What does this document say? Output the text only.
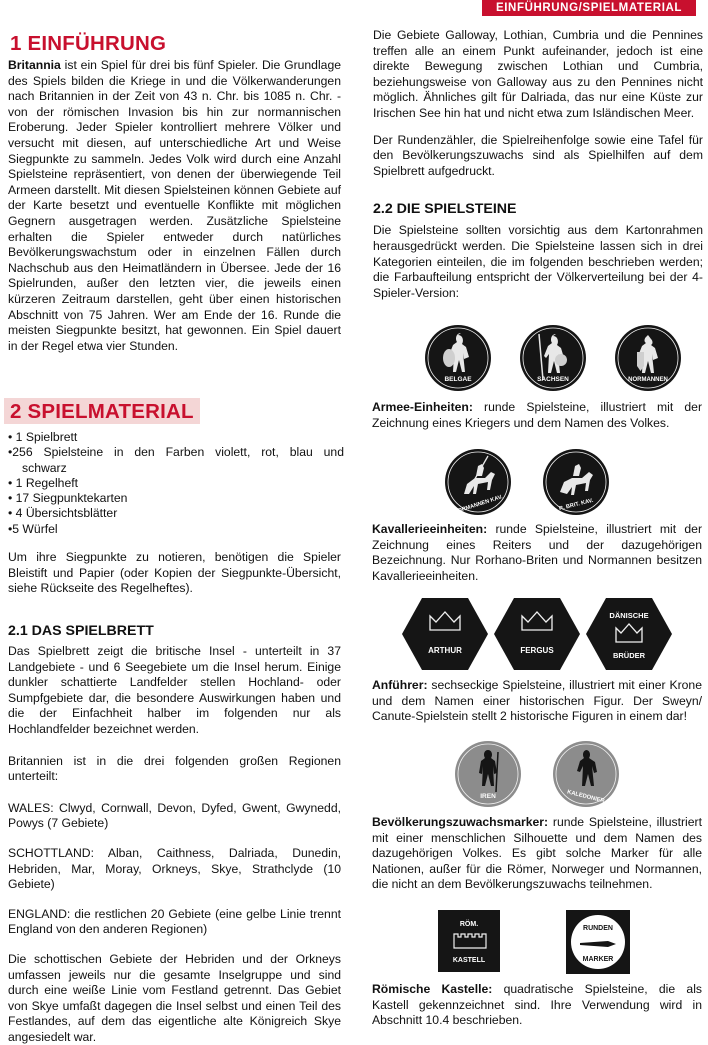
EINFÜHRUNG/SPIELMATERIAL
1 EINFÜHRUNG

Britannia ist ein Spiel für drei bis fünf Spieler. Die Grundlage des Spiels bilden die Kriege in und die Völkerwanderungen nach Britannien in der Zeit von 43 n. Chr. bis 1085 n. Chr. - von der römischen Invasion bis hin zur normannischen Eroberung. Jeder Spieler kontrolliert mehrere Völker und versucht mit diesen, auf unterschiedliche Art und Weise Siegpunkte zu sammeln. Jedes Volk wird durch eine Anzahl Spielsteine repräsentiert, von denen der überwiegende Teil Armeen darstellt. Mit diesen Spielsteinen können Gebiete auf der Karte besetzt und eventuelle Konflikte mit möglichen Gegnern ausgetragen werden. Zusätzliche Spielsteine erhalten die Spieler entweder durch natürliches Bevölkerungswachstum oder in einzelnen Fällen durch Nachschub aus den Heimatländern in Übersee. Jede der 16 Spielrunden, außer den letzten vier, die jeweils einen kürzeren Zeitraum darstellen, geht über einen historischen Abschnitt von 75 Jahren. Wer am Ende der 16. Runde die meisten Siegpunkte besitzt, hat gewonnen. Ein Spiel dauert in der Regel etwa vier Stunden.

Die Gebiete Galloway, Lothian, Cumbria und die Pennines treffen alle an einem Punkt aufeinander, jedoch ist eine direkte Bewegung zwischen Lothian und Cumbria, beziehungsweise von Galloway aus zu den Pennines nicht möglich. Ähnliches gilt für Dalriada, das nur eine Küste zur Irischen See hin hat und nicht etwa zum Isländischen Meer.

Der Rundenzähler, die Spielreihenfolge sowie eine Tafel für den Bevölkerungszuwachs sind als Spielhilfen auf dem Spielbrett aufgedruckt.

2.2 DIE SPIELSTEINE

Die Spielsteine sollten vorsichtig aus dem Kartonrahmen herausgedrückt werden. Die Spielsteine lassen sich in drei Kategorien einteilen, die im folgenden beschrieben werden; die Farbaufteilung entspricht der Völkerverteilung bei der 4-Spieler-Version:

BELGAE	SACHSEN	NORMANNEN

Armee-Einheiten: runde Spielsteine, illustriert mit der Zeichnung eines Kriegers und dem Namen des Volkes.

NORMANNEN KAV.	R. BRIT. KAV.

Kavallerieeinheiten: runde Spielsteine, illustriert mit der Zeichnung eines Reiters und der dazugehörigen Bezeichnung. Nur Rorhano-Briten und Normannen besitzen Kavallerieeinheiten.

ARTHUR	FERGUS
DÄNISCHE
BRÜDER

Anführer: sechseckige Spielsteine, illustriert mit einer Krone und dem Namen einer historischen Figur. Der Sweyn/ Canute-Spielstein stellt 2 historische Figuren in einem dar!

IREN	KALEDONIER

Bevölkerungszuwachsmarker: runde Spielsteine, illustriert mit einer menschlichen Silhouette und dem Namen des dazugehörigen Volkes. Es gibt solche Marker für alle Nationen, außer für die Römer, Norweger und Normannen, die nicht an dem Bevölkerungszuwachs teilnehmen.

RÖM.
KASTELL
RUNDEN
MARKER

Römische Kastelle: quadratische Spielsteine, die als Kastell gekennzeichnet sind. Ihre Verwendung wird in Abschnitt 10.4 beschrieben.

2 SPIELMATERIAL
• 1 Spielbrett
•256 Spielsteine in den Farben violett, rot, blau und
schwarz
• 1 Regelheft
• 17 Siegpunktekarten
• 4 Übersichtsblätter
•5 Würfel

Um ihre Siegpunkte zu notieren, benötigen die Spieler Bleistift und Papier (oder Kopien der Siegpunkte-Übersicht, siehe Rückseite des Regelheftes).

2.1 DAS SPIELBRETT

Das Spielbrett zeigt die britische Insel - unterteilt in 37 Landgebiete - und 6 Seegebiete um die Insel herum. Einige dunkler schattierte Landfelder stellen Hochland- oder Sumpfgebiete dar, die besondere Auswirkungen haben und die der Einfachheit halber im folgenden nur als Hochlandfelder bezeichnet werden.

Britannien ist in die drei folgenden großen Regionen unterteilt:

WALES: Clwyd, Cornwall, Devon, Dyfed, Gwent, Gwynedd, Powys (7 Gebiete)

SCHOTTLAND: Alban, Caithness, Dalriada, Dunedin, Hebriden, Mar, Moray, Orkneys, Skye, Strathclyde (10 Gebiete)

ENGLAND: die restlichen 20 Gebiete (eine gelbe Linie trennt England von den anderen Regionen)

Die schottischen Gebiete der Hebriden und der Orkneys umfassen jeweils nur die gesamte Inselgruppe und sind durch eine weiße Linie vom Festland getrennt. Das Gebiet von Skye umfaßt dagegen die Insel selbst und einen Teil des Festlandes, auf dem das eigentliche alte Königreich Skye angesiedelt war.
